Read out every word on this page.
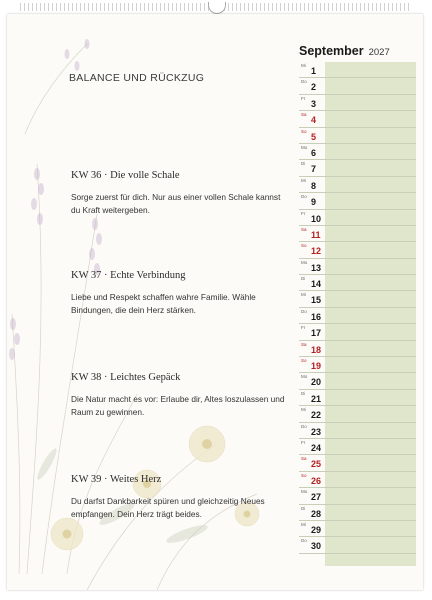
BALANCE UND RÜCKZUG

KW 36 · Die volle Schale

Sorge zuerst für dich. Nur aus einer vollen Schale kannst du Kraft weitergeben.

KW 37 · Echte Verbindung

Liebe und Respekt schaffen wahre Familie. Wähle Bindungen, die dein Herz stärken.

KW 38 · Leichtes Gepäck

Die Natur macht es vor: Erlaube dir, Altes loszulassen und Raum zu gewinnen.

KW 39 · Weites Herz

Du darfst Dankbarkeit spüren und gleichzeitig Neues empfangen. Dein Herz trägt beides.

September 2027
Mi
1
Do
2
Fr
3
Sa
4
So
5
Mo
6
Di
7
Mi
8
Do
9
Fr
10
Sa
11
So
12
Mo
13
Di
14
Mi
15
Do
16
Fr
17
Sa
18
So
19
Mo
20
Di
21
Mi
22
Do
23
Fr
24
Sa
25
So
26
Mo
27
Di
28
Mi
29
Do
30
